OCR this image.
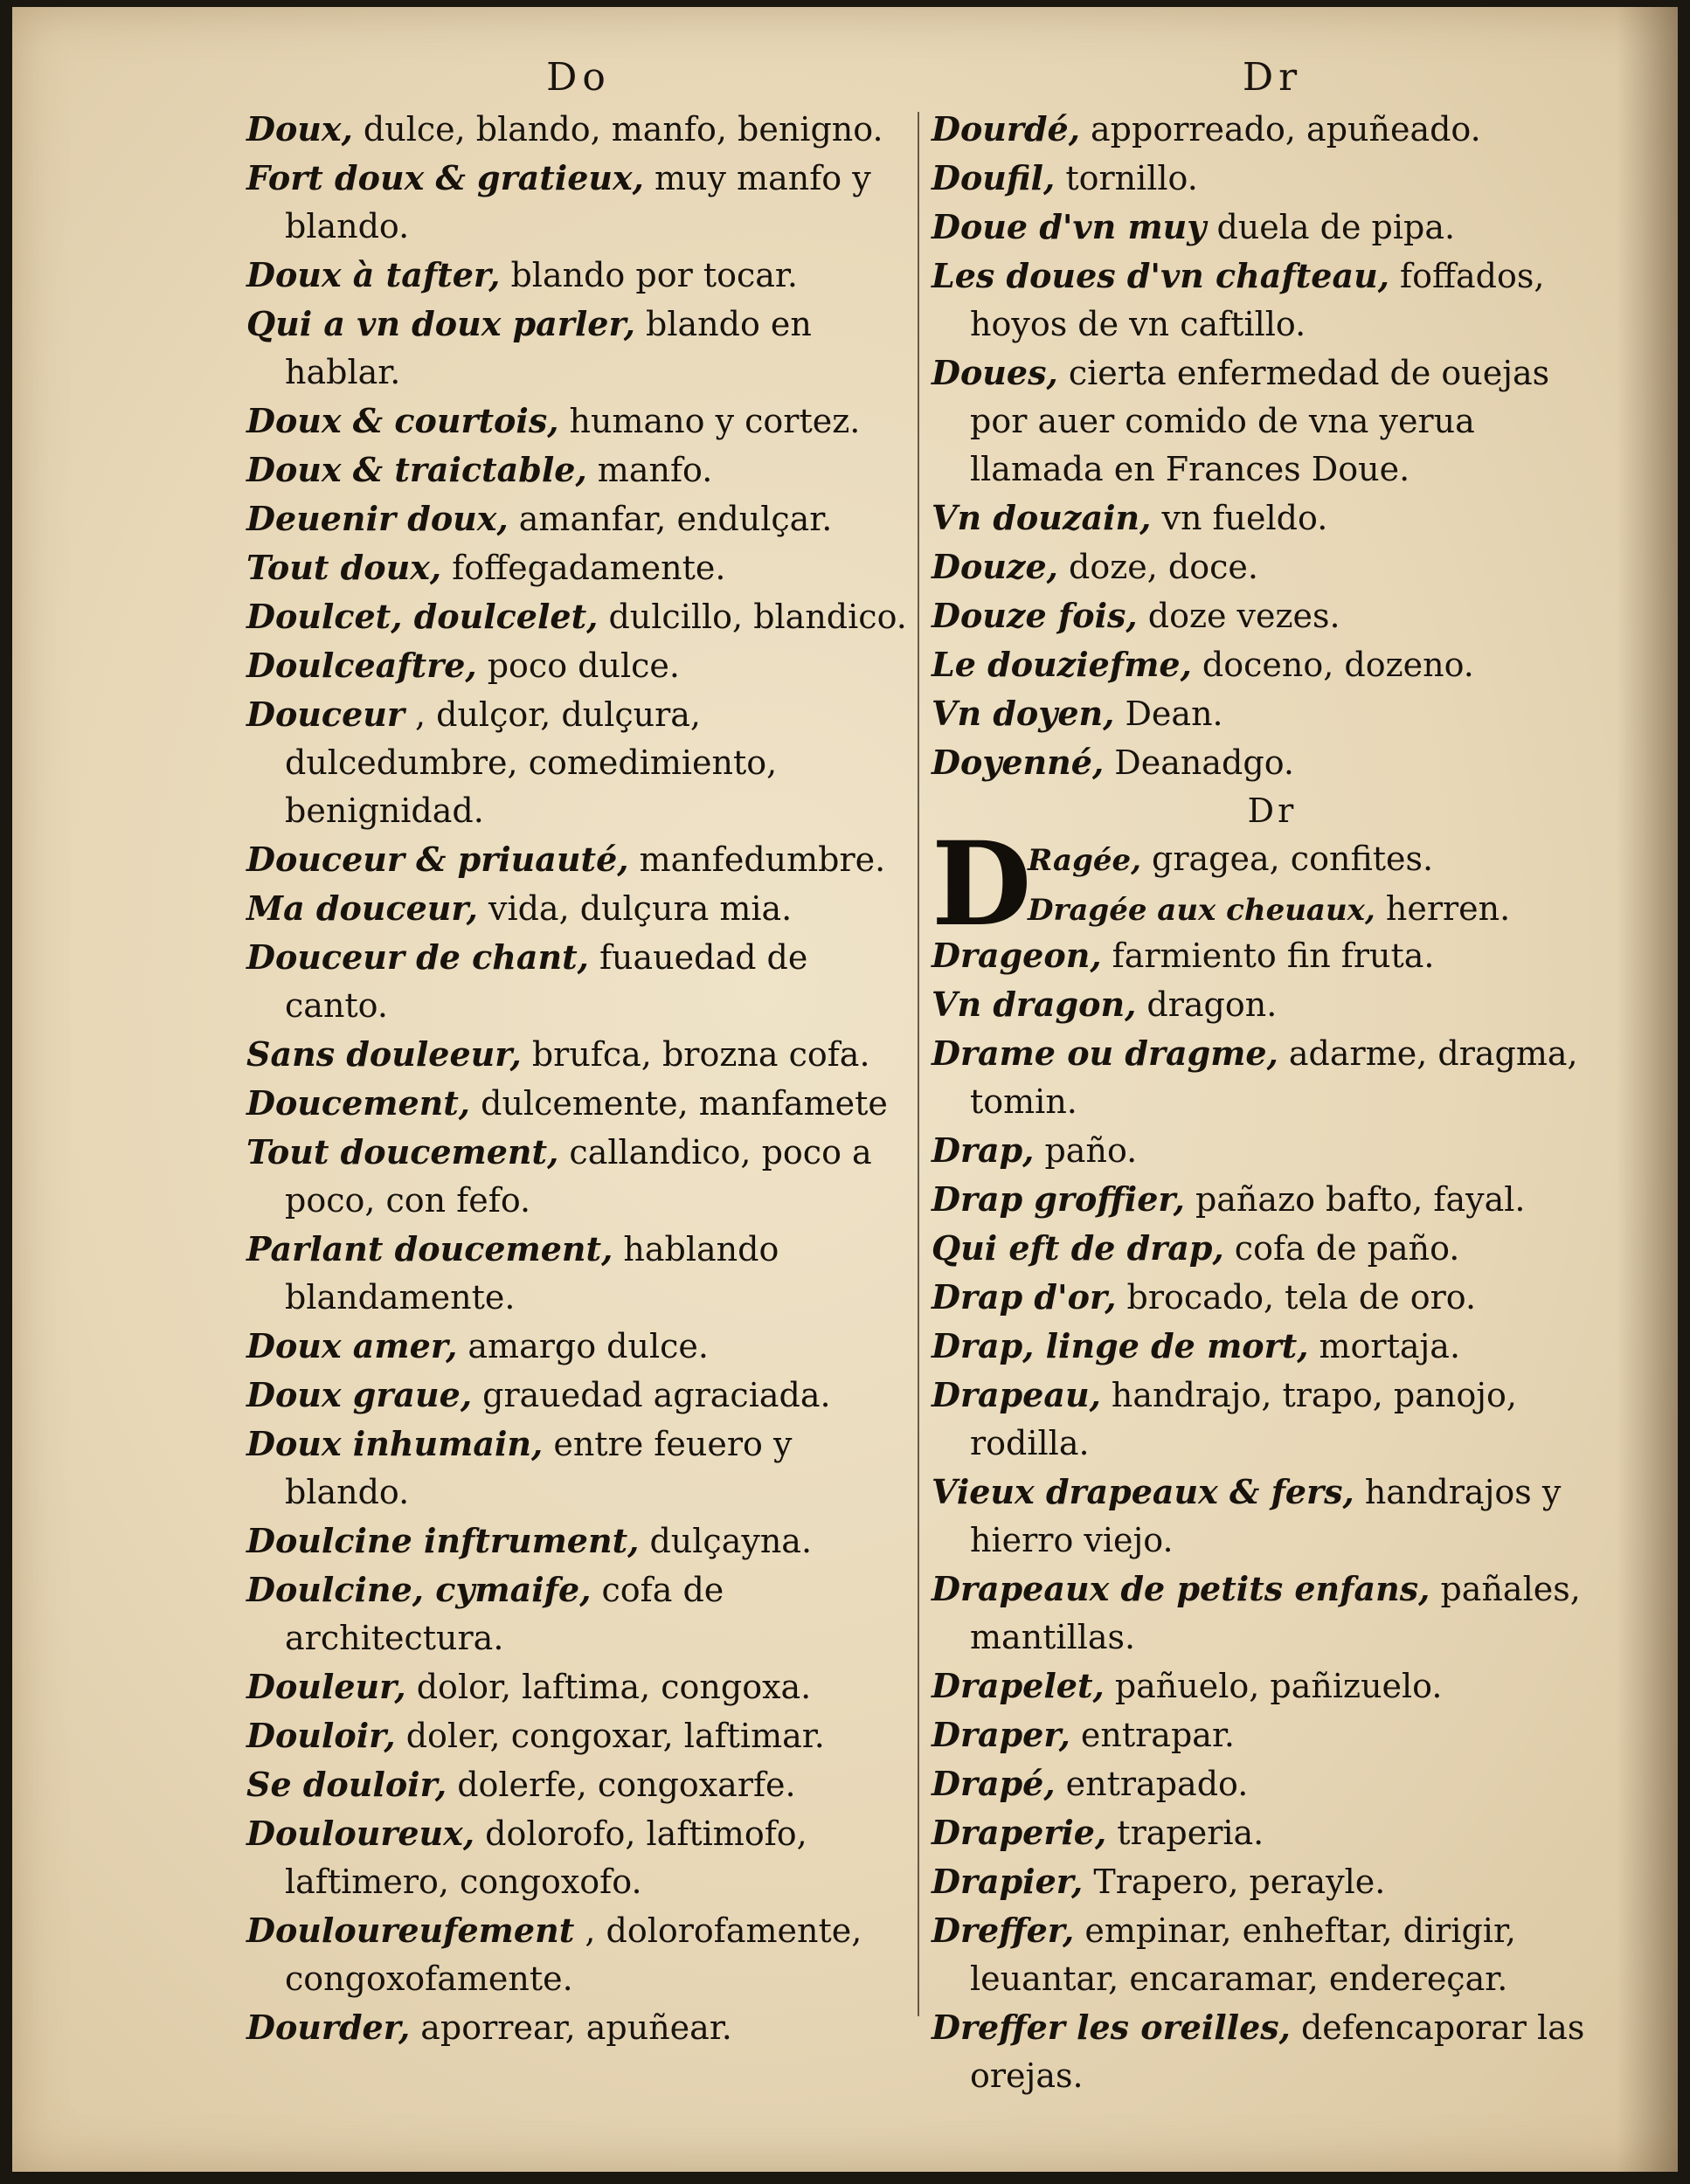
Do

Doux, dulce, blando, manfo, benigno.

Fort doux & gratieux, muy manfo y blando.

Doux à tafter, blando por tocar.

Qui a vn doux parler, blando en hablar.

Doux & courtois, humano y cortez.

Doux & traictable, manfo.

Deuenir doux, amanfar, endulçar.

Tout doux, foffegadamente.

Doulcet, doulcelet, dulcillo, blandico.

Doulceaftre, poco dulce.

Douceur , dulçor, dulçura, dulcedumbre, comedimiento, benignidad.

Douceur & priuauté, manfedumbre.

Ma douceur, vida, dulçura mia.

Douceur de chant, fuauedad de canto.

Sans douleeur, brufca, brozna cofa.

Doucement, dulcemente, manfamete

Tout doucement, callandico, poco a poco, con fefo.

Parlant doucement, hablando blandamente.

Doux amer, amargo dulce.

Doux graue, grauedad agraciada.

Doux inhumain, entre feuero y blando.

Doulcine inftrument, dulçayna.

Doulcine, cymaife, cofa de architectura.

Douleur, dolor, laftima, congoxa.

Douloir, doler, congoxar, laftimar.

Se douloir, dolerfe, congoxarfe.

Douloureux, dolorofo, laftimofo, laftimero, congoxofo.

Douloureufement , dolorofamente, congoxofamente.

Dourder, aporrear, apuñear.

Dr

Dourdé, apporreado, apuñeado.

Doufil, tornillo.

Doue d'vn muy duela de pipa.

Les doues d'vn chafteau, foffados, hoyos de vn caftillo.

Doues, cierta enfermedad de ouejas por auer comido de vna yerua llamada en Frances Doue.

Vn douzain, vn fueldo.

Douze, doze, doce.

Douze fois, doze vezes.

Le douziefme, doceno, dozeno.

Vn doyen, Dean.

Doyenné, Deanadgo.

Dr
D
Ragée, gragea, confites.
Dragée aux cheuaux, herren.

Drageon, farmiento fin fruta.

Vn dragon, dragon.

Drame ou dragme, adarme, dragma, tomin.

Drap, paño.

Drap groffier, pañazo bafto, fayal.

Qui eft de drap, cofa de paño.

Drap d'or, brocado, tela de oro.

Drap, linge de mort, mortaja.

Drapeau, handrajo, trapo, panojo, rodilla.

Vieux drapeaux & fers, handrajos y hierro viejo.

Drapeaux de petits enfans, pañales, mantillas.

Drapelet, pañuelo, pañizuelo.

Draper, entrapar.

Drapé, entrapado.

Draperie, traperia.

Drapier, Trapero, perayle.

Dreffer, empinar, enheftar, dirigir, leuantar, encaramar, endereçar.

Dreffer les oreilles, defencaporar las orejas.
